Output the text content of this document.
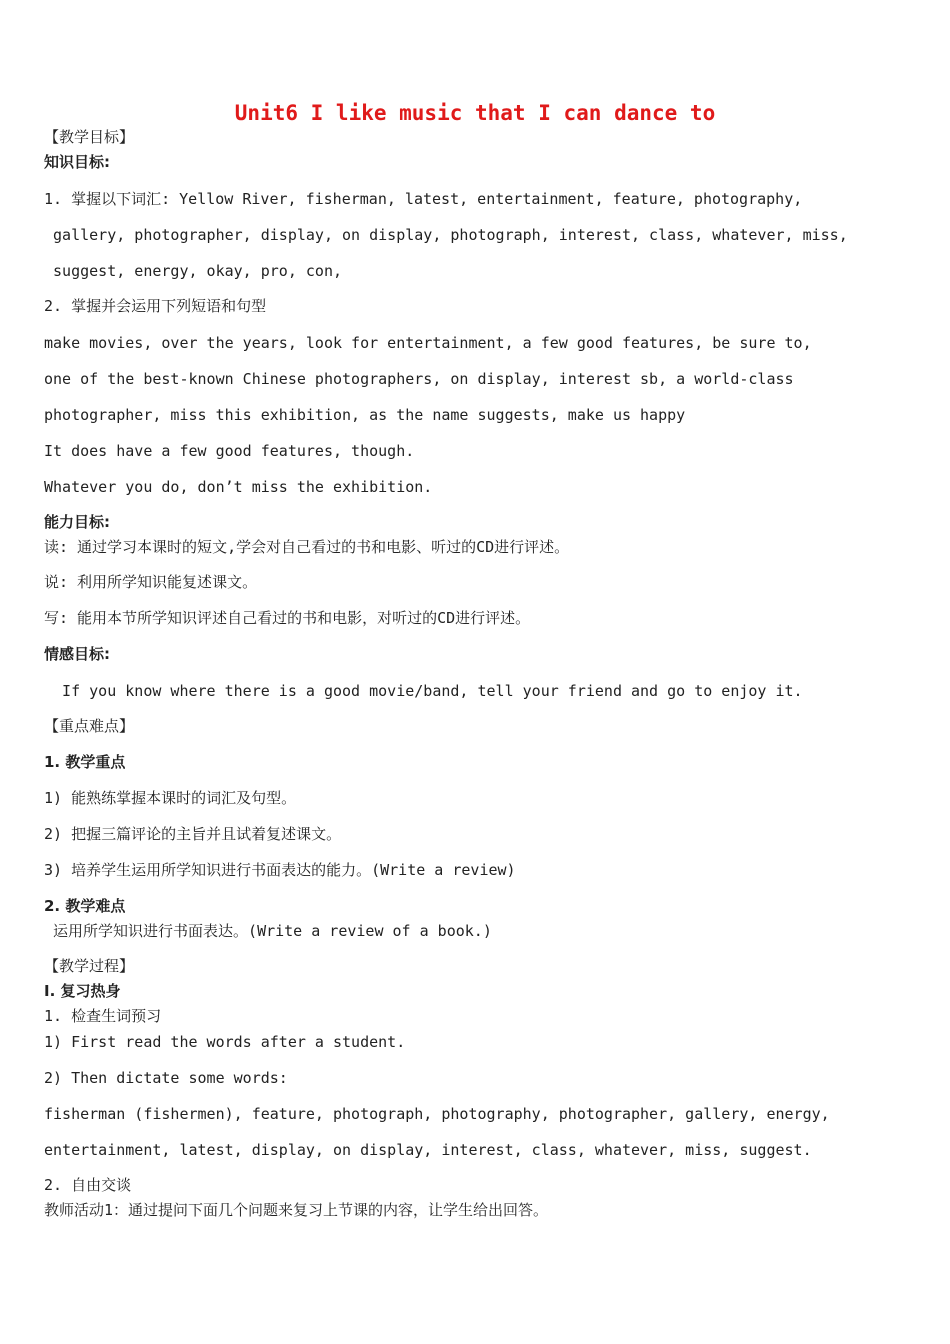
Unit6 I like music that I can dance to
【教学目标】
知识目标:
1. 掌握以下词汇: Yellow River, fisherman, latest, entertainment, feature, photography,
gallery, photographer, display, on display, photograph, interest, class, whatever, miss,
suggest, energy, okay, pro, con,
2. 掌握并会运用下列短语和句型
make movies, over the years, look for entertainment, a few good features, be sure to,
one of the best-known Chinese photographers, on display, interest sb, a world-class
photographer, miss this exhibition, as the name suggests, make us happy
It does have a few good features, though.
Whatever you do, don’t miss the exhibition.
能力目标:
读: 通过学习本课时的短文,学会对自己看过的书和电影、听过的CD进行评述。
说: 利用所学知识能复述课文。
写: 能用本节所学知识评述自己看过的书和电影，对听过的CD进行评述。
情感目标:
If you know where there is a good movie/band, tell your friend and go to enjoy it.
【重点难点】
1. 教学重点
1) 能熟练掌握本课时的词汇及句型。
2) 把握三篇评论的主旨并且试着复述课文。
3) 培养学生运用所学知识进行书面表达的能力。(Write a review)
2. 教学难点
运用所学知识进行书面表达。(Write a review of a book.)
【教学过程】
I. 复习热身
1. 检查生词预习
1) First read the words after a student.
2) Then dictate some words:
fisherman (fishermen), feature, photograph, photography, photographer, gallery, energy,
entertainment, latest, display, on display, interest, class, whatever, miss, suggest.
2. 自由交谈
教师活动1：通过提问下面几个问题来复习上节课的内容，让学生给出回答。
